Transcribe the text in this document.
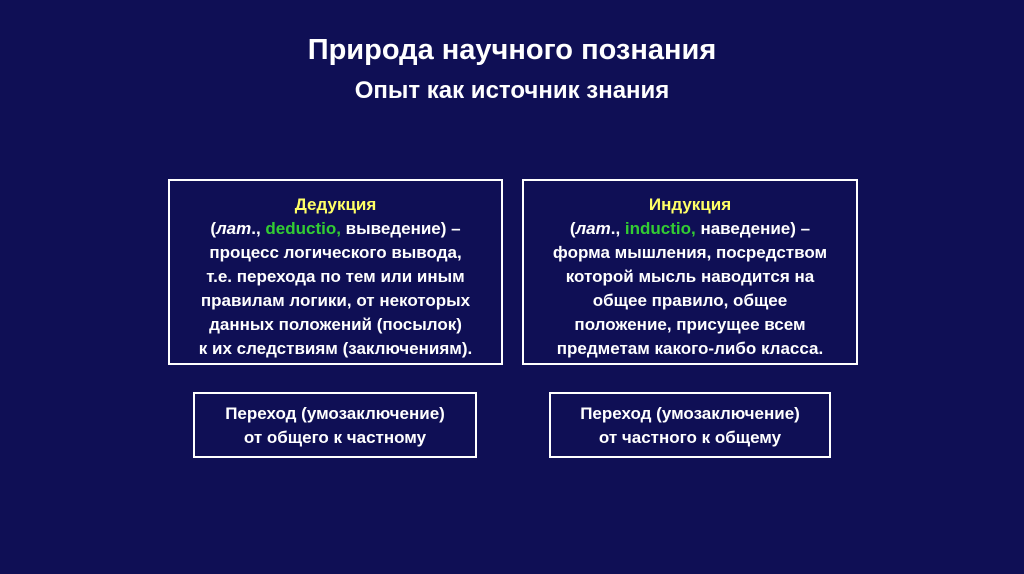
Природа научного познания
Опыт как источник знания
Дедукция
(лат., deductio, выведение) –
процесс логического вывода,
т.е. перехода по тем или иным
правилам логики, от некоторых
данных положений (посылок)
к их следствиям (заключениям).
Индукция
(лат., inductio, наведение) –
форма мышления, посредством
которой мысль наводится на
общее правило, общее
положение, присущее всем
предметам какого-либо класса.
Переход (умозаключение)
от общего к частному
Переход (умозаключение)
от частного к общему
